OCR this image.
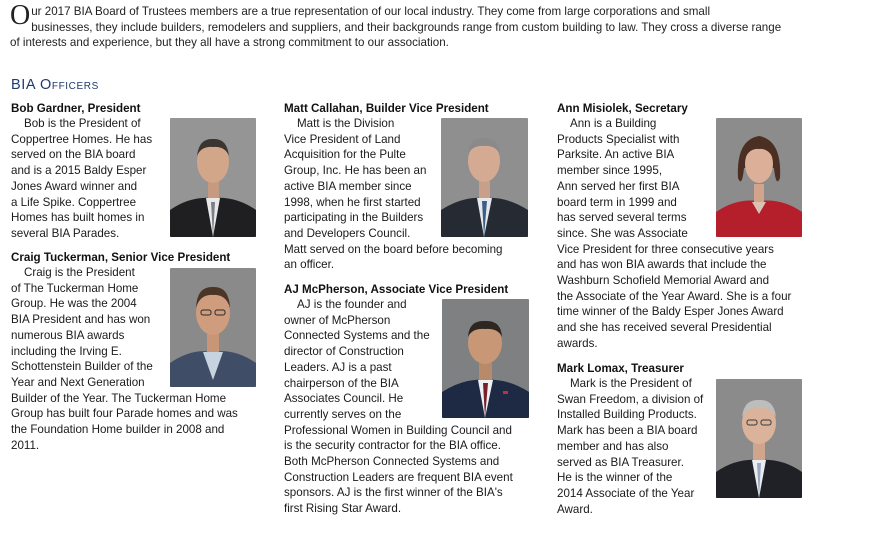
Our 2017 BIA Board of Trustees members are a true representation of our local industry. They come from large corporations and small
businesses, they include builders, remodelers and suppliers, and their backgrounds range from custom building to law. They cross a diverse range
of interests and experience, but they all have a strong commitment to our association.
BIA Officers
Bob Gardner, President
Bob is the President of
Coppertree Homes. He has
served on the BIA board
and is a 2015 Baldy Esper
Jones Award winner and
a Life Spike. Coppertree
Homes has built homes in
several BIA Parades.
Craig Tuckerman, Senior Vice President
Craig is the President
of The Tuckerman Home
Group. He was the 2004
BIA President and has won
numerous BIA awards
including the Irving E.
Schottenstein Builder of the
Year and Next Generation
Builder of the Year. The Tuckerman Home
Group has built four Parade homes and was
the Foundation Home builder in 2008 and
2011.
Matt Callahan, Builder Vice President
Matt is the Division
Vice President of Land
Acquisition for the Pulte
Group, Inc. He has been an
active BIA member since
1998, when he first started
participating in the Builders
and Developers Council.
Matt served on the board before becoming
an officer.
AJ McPherson, Associate Vice President
AJ is the founder and
owner of McPherson
Connected Systems and the
director of Construction
Leaders. AJ is a past
chairperson of the BIA
Associates Council. He
currently serves on the
Professional Women in Building Council and
is the security contractor for the BIA office.
Both McPherson Connected Systems and
Construction Leaders are frequent BIA event
sponsors. AJ is the first winner of the BIA's
first Rising Star Award.
Ann Misiolek, Secretary
Ann is a Building
Products Specialist with
Parksite. An active BIA
member since 1995,
Ann served her first BIA
board term in 1999 and
has served several terms
since. She was Associate
Vice President for three consecutive years
and has won BIA awards that include the
Washburn Schofield Memorial Award and
the Associate of the Year Award. She is a four
time winner of the Baldy Esper Jones Award
and she has received several Presidential
awards.
Mark Lomax, Treasurer
Mark is the President of
Swan Freedom, a division of
Installed Building Products.
Mark has been a BIA board
member and has also
served as BIA Treasurer.
He is the winner of the
2014 Associate of the Year
Award.
